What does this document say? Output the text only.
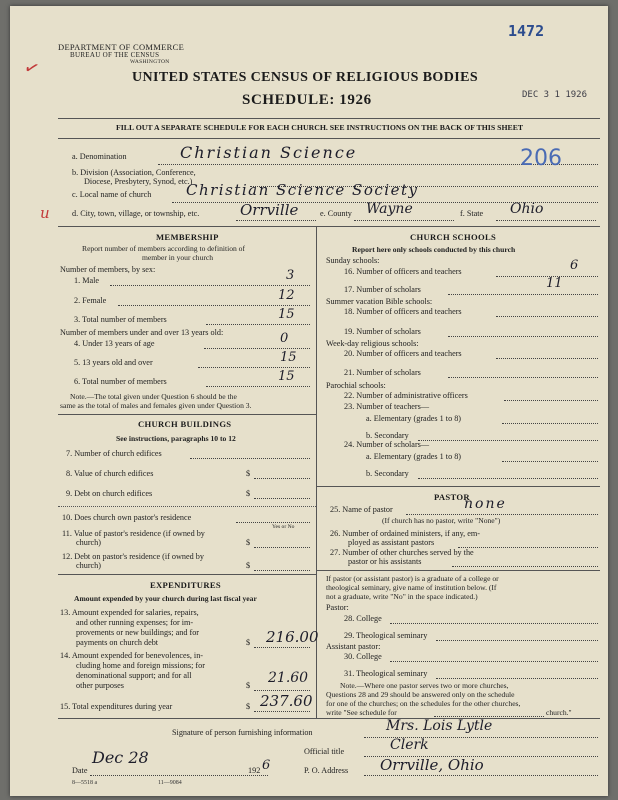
DEPARTMENT OF COMMERCE
BUREAU OF THE CENSUS
WASHINGTON
1472
✓	UNITED STATES CENSUS OF RELIGIOUS BODIES
SCHEDULE: 1926	DEC 3 1 1926
FILL OUT A SEPARATE SCHEDULE FOR EACH CHURCH. SEE INSTRUCTIONS ON THE BACK OF THIS SHEET
a. Denomination	Christian Science	206
b. Division (Association, Conference,
Diocese, Presbytery, Synod, etc.)
c. Local name of church Christian Science Society
d. City, town, village, or township, etc.	Orrville	e. County Wayne	f. State Ohio
u
MEMBERSHIP
Report number of members according to definition of
member in your church
Number of members, by sex:
1. Male	3
2. Female	12
3. Total number of members	15
Number of members under and over 13 years old:
4. Under 13 years of age	0
5. 13 years old and over	15
6. Total number of members	15
Note.—The total given under Question 6 should be the
same as the total of males and females given under Question 3.
CHURCH BUILDINGS
See instructions, paragraphs 10 to 12
7. Number of church edifices
8. Value of church edifices	$
9. Debt on church edifices	$
10. Does church own pastor's residence
Yes or No
11. Value of pastor's residence (if owned by
church)	$
12. Debt on pastor's residence (if owned by
church)	$
EXPENDITURES
Amount expended by your church during last fiscal year
13. Amount expended for salaries, repairs,
and other running expenses; for im-
provements or new buildings; and for
payments on church debt	$ 216.00
14. Amount expended for benevolences, in-
cluding home and foreign missions; for
denominational support; and for all
other purposes	$ 21.60
15. Total expenditures during year	$ 237.60
CHURCH SCHOOLS
Report here only schools conducted by this church
Sunday schools:
16. Number of officers and teachers	6
17. Number of scholars	11
Summer vacation Bible schools:
18. Number of officers and teachers
19. Number of scholars
Week-day religious schools:
20. Number of officers and teachers
21. Number of scholars
Parochial schools:
22. Number of administrative officers
23. Number of teachers—
a. Elementary (grades 1 to 8)
b. Secondary
24. Number of scholars—
a. Elementary (grades 1 to 8)
b. Secondary
PASTOR
25. Name of pastor	none
(If church has no pastor, write "None")
26. Number of ordained ministers, if any, em-
ployed as assistant pastors
27. Number of other churches served by the
pastor or his assistants
If pastor (or assistant pastor) is a graduate of a college or
theological seminary, give name of institution below. (If
not a graduate, write "No" in the space indicated.)
Pastor:
28. College
29. Theological seminary
Assistant pastor:
30. College
31. Theological seminary
Note.—Where one pastor serves two or more churches,
Questions 28 and 29 should be answered only on the schedule
for one of the churches; on the schedules for the other churches,
write "See schedule for	church."
Signature of person furnishing information	Mrs. Lois Lytle
Official title	Clerk
Date
Dec 28
192 6	P. O. Address Orrville, Ohio
8—5518 a	11—9084
